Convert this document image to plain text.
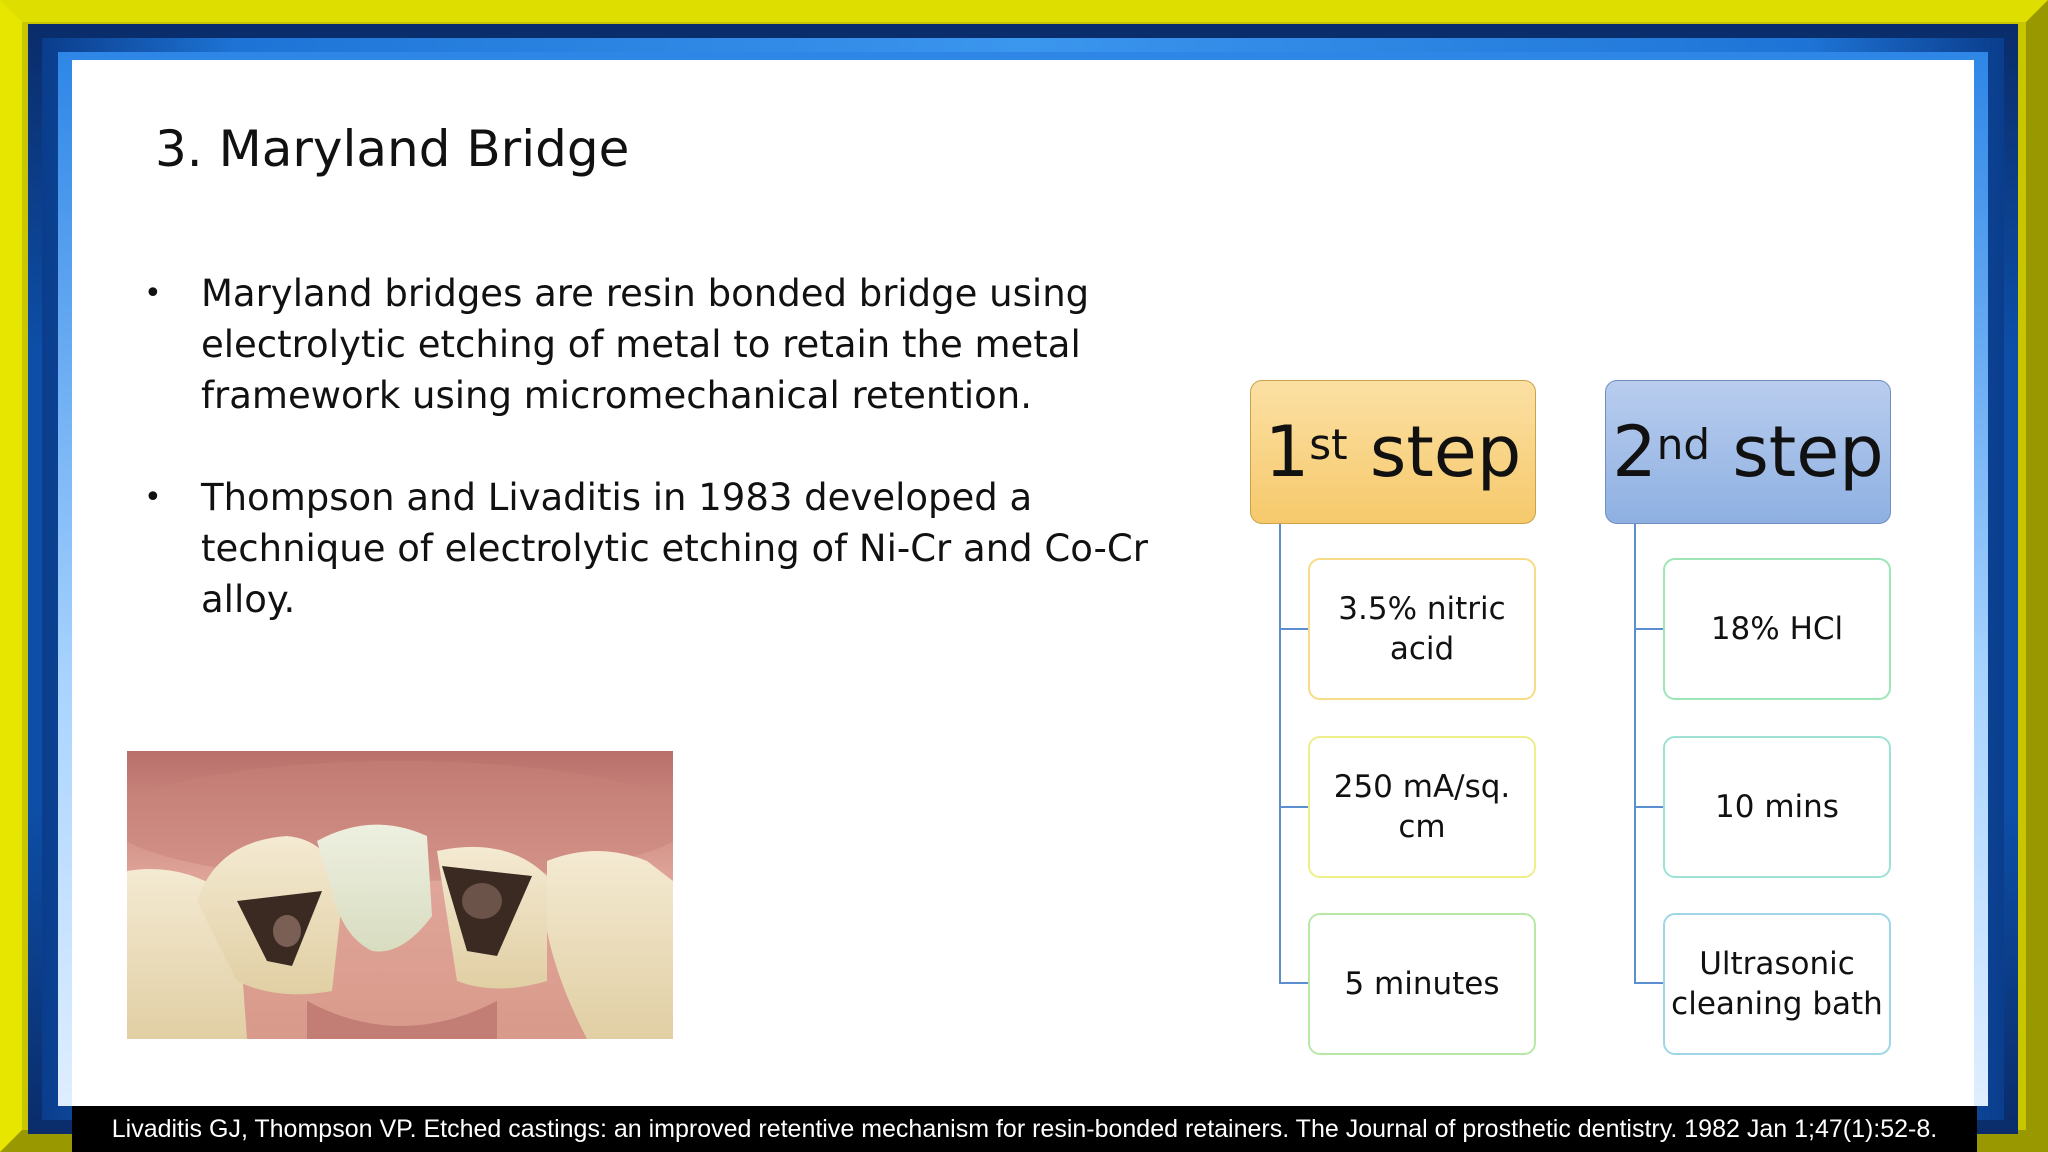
3. Maryland Bridge
• Maryland bridges are resin bonded bridge using electrolytic etching of metal to retain the metal framework using micromechanical retention.
• Thompson and Livaditis in 1983 developed a technique of electrolytic etching of Ni-Cr and Co-Cr alloy.
1st
step 2nd
step
3.5% nitric acid
250 mA/sq. cm
5 minutes
18% HCl
10 mins
Ultrasonic cleaning bath
Livaditis GJ, Thompson VP. Etched castings: an improved retentive mechanism for resin-bonded retainers. The Journal of prosthetic dentistry. 1982 Jan 1;47(1):52-8.
